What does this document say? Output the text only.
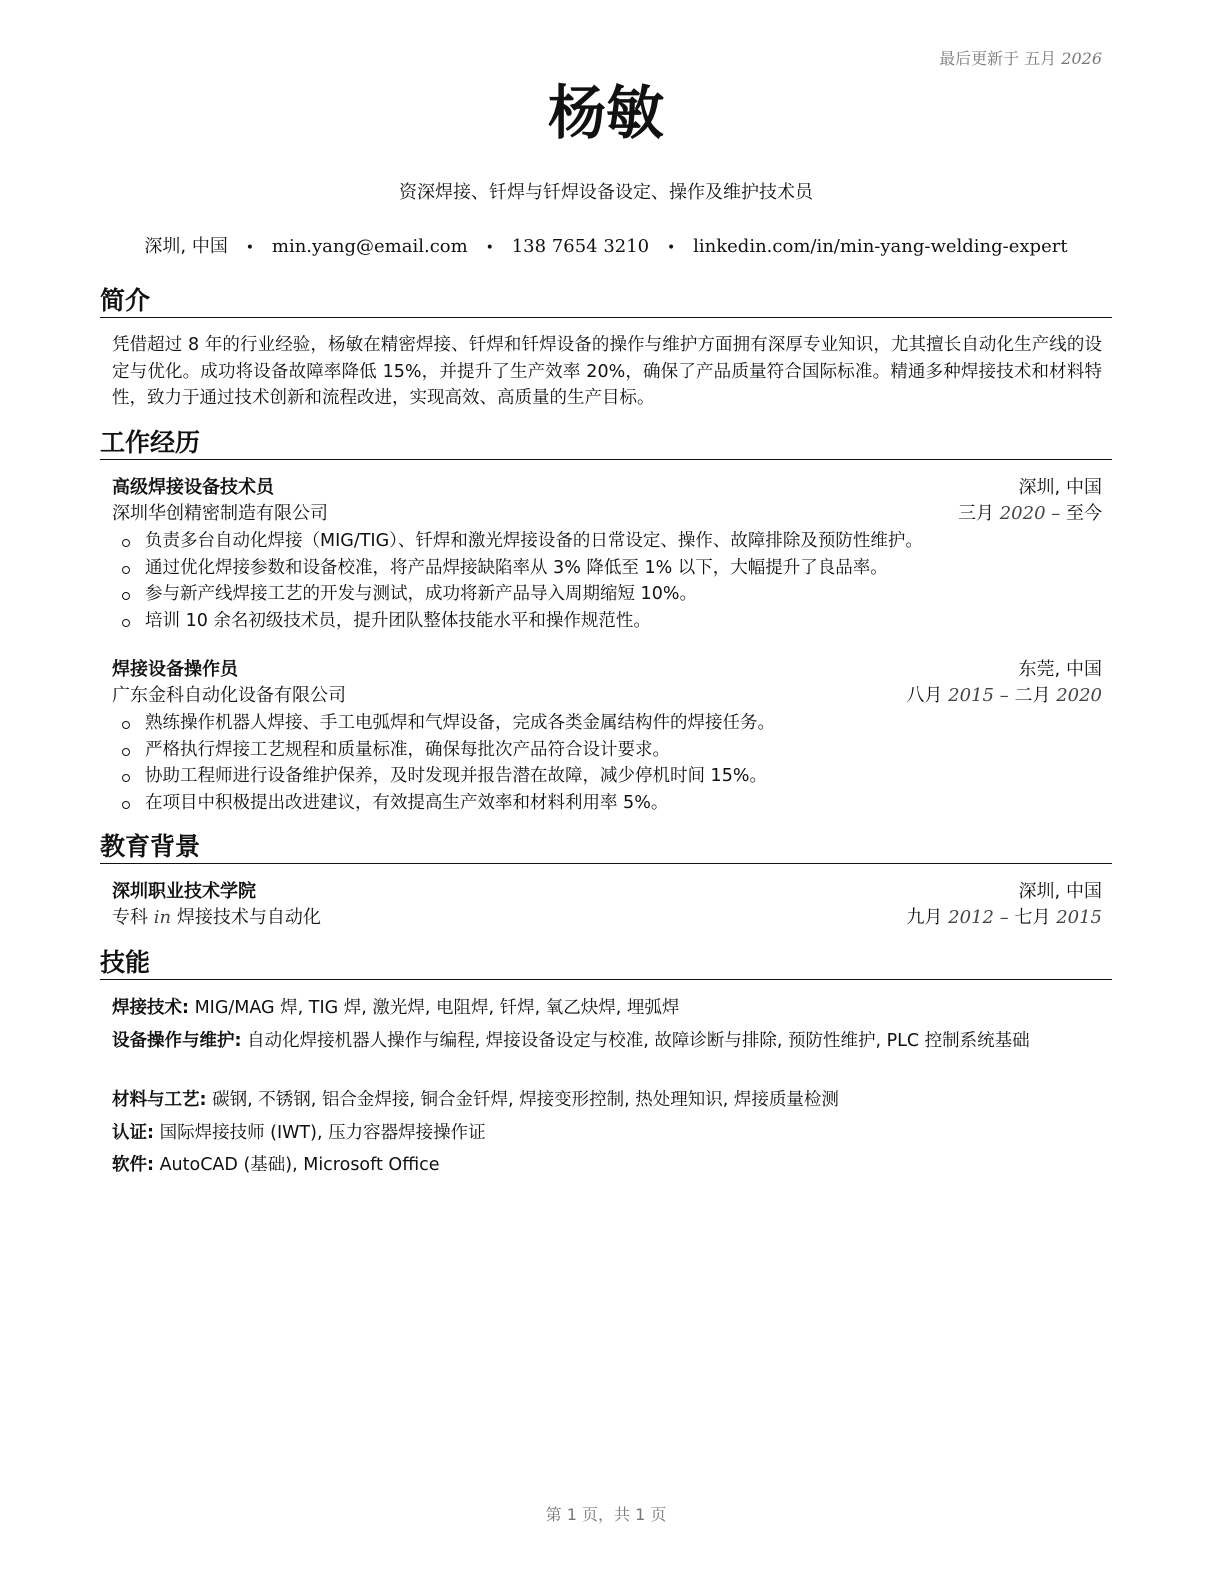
最后更新于 五月 2026
杨敏
资深焊接、钎焊与钎焊设备设定、操作及维护技术员
深圳, 中国 • min.yang@email.com • 138 7654 3210 • linkedin.com/in/min-yang-welding-expert
简介
凭借超过 8 年的行业经验，杨敏在精密焊接、钎焊和钎焊设备的操作与维护方面拥有深厚专业知识，尤其擅长自动化生产线的设定与优化。成功将设备故障率降低 15%，并提升了生产效率 20%，确保了产品质量符合国际标准。精通多种焊接技术和材料特性，致力于通过技术创新和流程改进，实现高效、高质量的生产目标。
工作经历
高级焊接设备技术员	深圳, 中国
深圳华创精密制造有限公司	三月 2020 – 至今
负责多台自动化焊接（MIG/TIG）、钎焊和激光焊接设备的日常设定、操作、故障排除及预防性维护。
通过优化焊接参数和设备校准，将产品焊接缺陷率从 3% 降低至 1% 以下，大幅提升了良品率。
参与新产线焊接工艺的开发与测试，成功将新产品导入周期缩短 10%。
培训 10 余名初级技术员，提升团队整体技能水平和操作规范性。
焊接设备操作员	东莞, 中国
广东金科自动化设备有限公司	八月 2015 – 二月 2020
熟练操作机器人焊接、手工电弧焊和气焊设备，完成各类金属结构件的焊接任务。
严格执行焊接工艺规程和质量标准，确保每批次产品符合设计要求。
协助工程师进行设备维护保养，及时发现并报告潜在故障，减少停机时间 15%。
在项目中积极提出改进建议，有效提高生产效率和材料利用率 5%。
教育背景
深圳职业技术学院	深圳, 中国
专科 in 焊接技术与自动化	九月 2012 – 七月 2015
技能
焊接技术: MIG/MAG 焊, TIG 焊, 激光焊, 电阻焊, 钎焊, 氧乙炔焊, 埋弧焊
设备操作与维护: 自动化焊接机器人操作与编程, 焊接设备设定与校准, 故障诊断与排除, 预防性维护, PLC 控制系统基础
材料与工艺: 碳钢, 不锈钢, 铝合金焊接, 铜合金钎焊, 焊接变形控制, 热处理知识, 焊接质量检测
认证: 国际焊接技师 (IWT), 压力容器焊接操作证
软件: AutoCAD (基础), Microsoft Office
第 1 页，共 1 页
